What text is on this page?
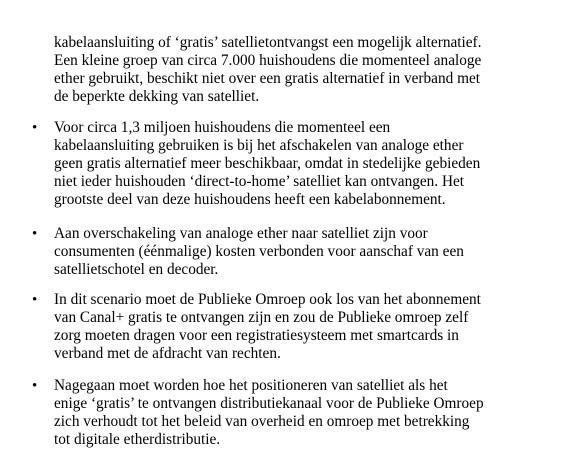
kabelaansluiting of ‘gratis’ satellietontvangst een mogelijk alternatief.
Een kleine groep van circa 7.000 huishoudens die momenteel analoge
ether gebruikt, beschikt niet over een gratis alternatief in verband met
de beperkte dekking van satelliet.
•	Voor circa 1,3 miljoen huishoudens die momenteel een
kabelaansluiting gebruiken is bij het afschakelen van analoge ether
geen gratis alternatief meer beschikbaar, omdat in stedelijke gebieden
niet ieder huishouden ‘direct-to-home’ satelliet kan ontvangen. Het
grootste deel van deze huishoudens heeft een kabelabonnement.
•	Aan overschakeling van analoge ether naar satelliet zijn voor
consumenten (éénmalige) kosten verbonden voor aanschaf van een
satellietschotel en decoder.
•	In dit scenario moet de Publieke Omroep ook los van het abonnement
van Canal+ gratis te ontvangen zijn en zou de Publieke omroep zelf
zorg moeten dragen voor een registratiesysteem met smartcards in
verband met de afdracht van rechten.
•	Nagegaan moet worden hoe het positioneren van satelliet als het
enige ‘gratis’ te ontvangen distributiekanaal voor de Publieke Omroep
zich verhoudt tot het beleid van overheid en omroep met betrekking
tot digitale etherdistributie.
